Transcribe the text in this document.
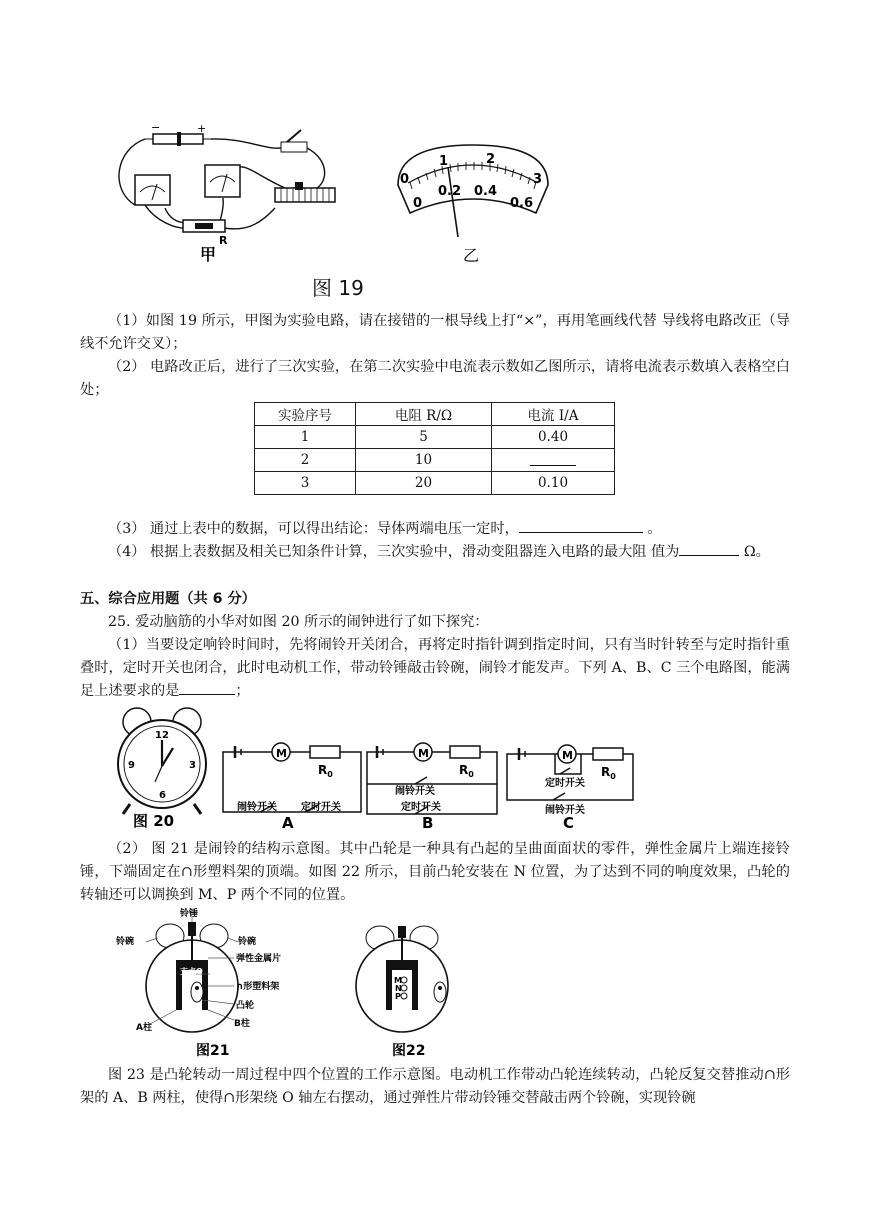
−	+
R
甲
0
1	2
3
0
0.2 0.4
0.6
乙
图 19
（1）如图 19 所示，甲图为实验电路，请在接错的一根导线上打“×”，再用笔画线代替 导线将电路改正（导线不允许交叉）；
（2） 电路改正后，进行了三次实验，在第二次实验中电流表示数如乙图所示，请将电流表示数填入表格空白处；
实验序号	电阻 R/Ω	电流 I/A
1	5	0.40
2	10	
3	20	0.10
（3） 通过上表中的数据，可以得出结论：导体两端电压一定时，	。
（4） 根据上表数据及相关已知条件计算，三次实验中，滑动变阻器连入电路的最大阻 值为	Ω。
五、综合应用题（共 6 分）
25. 爱动脑筋的小华对如图 20 所示的闹钟进行了如下探究：
（1）当要设定响铃时间时，先将闹铃开关闭合，再将定时指针调到指定时间，只有当时针转至与定时指针重叠时，定时开关也闭合，此时电动机工作，带动铃锤敲击铃碗，闹铃才能发声。下列 A、B、C 三个电路图，能满足上述要求的是	；
12
3
6
9
图 20
M
$R_0$
闹铃开关 定时开关
A
M
$R_0$
闹铃开关
定时开关
B
M
$R_0$
定时开关
闹铃开关
C
（2） 图 21 是闹铃的结构示意图。其中凸轮是一种具有凸起的呈曲面面状的零件，弹性金属片上端连接铃锤，下端固定在∩形塑料架的顶端。如图 22 所示，目前凸轮安装在 N 位置，为了达到不同的响度效果，凸轮的转轴还可以调换到 M、P 两个不同的位置。
铃锤
铃碗	铃碗
弹性金属片
支点O
∩形塑料架
凸轮
A柱	B柱
图21
M
N
P
图22
图 23 是凸轮转动一周过程中四个位置的工作示意图。电动机工作带动凸轮连续转动，凸轮反复交替推动∩形架的 A、B 两柱，使得∩形架绕 O 轴左右摆动，通过弹性片带动铃锤交替敲击两个铃碗，实现铃碗
